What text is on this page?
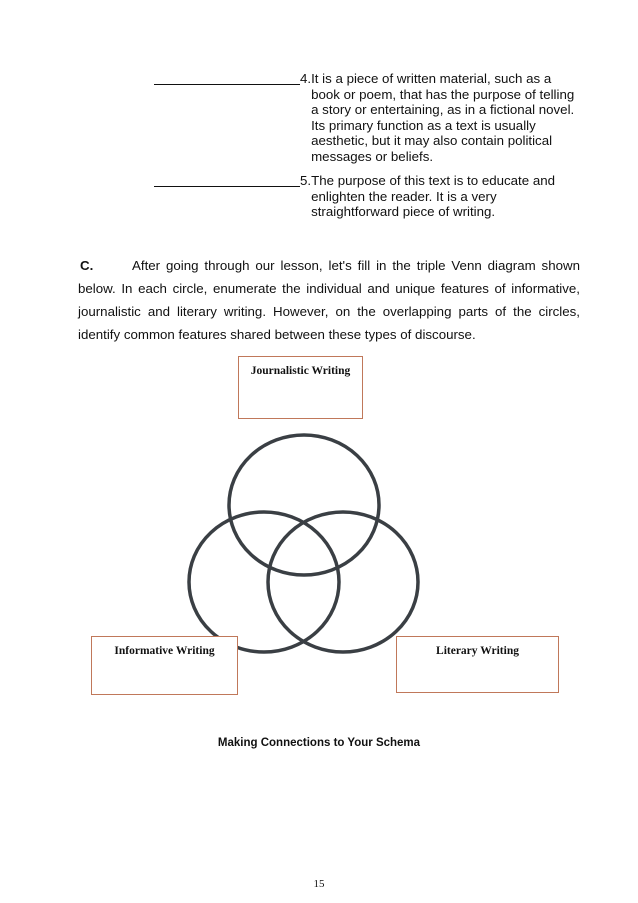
4. It is a piece of written material, such as a book or poem, that has the purpose of telling a story or entertaining, as in a fictional novel. Its primary function as a text is usually aesthetic, but it may also contain political messages or beliefs.
5. The purpose of this text is to educate and enlighten the reader. It is a very straightforward piece of writing.
C.	After going through our lesson, let's fill in the triple Venn diagram shown below. In each circle, enumerate the individual and unique features of informative, journalistic and literary writing. However, on the overlapping parts of the circles, identify common features shared between these types of discourse.
Journalistic Writing
Informative Writing	Literary Writing
Making Connections to Your Schema
15
